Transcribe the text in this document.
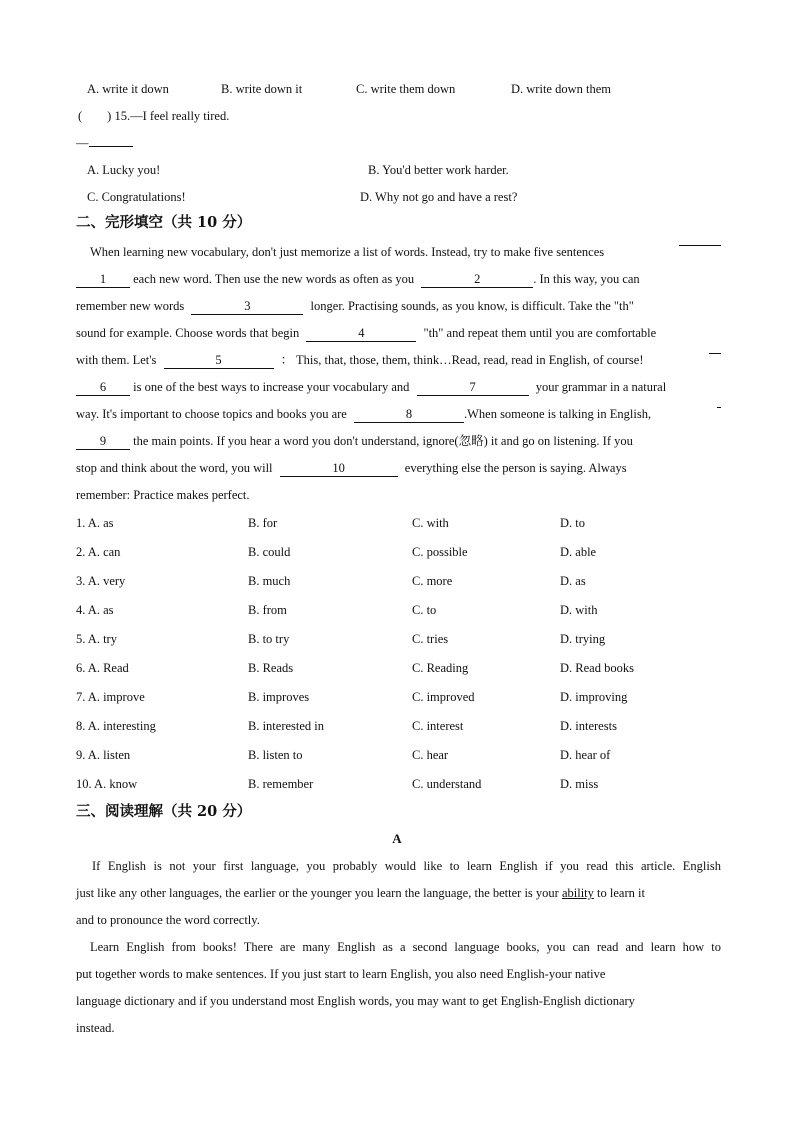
A. write it down	B. write down it	C. write them down	D. write down them
(　　) 15.—I feel really tired.
—
A. Lucky you!	B. You'd better work harder.
C. Congratulations!	D. Why not go and have a rest?
二、完形填空（共 10 分）
When learning new vocabulary, don't just memorize a list of words. Instead, try to make five sentences
1 each new word. Then use the new words as often as you	2	. In this way, you can
remember new words	3	longer. Practising sounds, as you know, is difficult. Take the "th"
sound for example. Choose words that begin	4	"th" and repeat them until you are comfortable
with them. Let's	5	： This, that, those, them, think…Read, read, read in English, of course!
6 is one of the best ways to increase your vocabulary and	7	your grammar in a natural
way. It's important to choose topics and books you are	8	.When someone is talking in English,
9 the main points. If you hear a word you don't understand, ignore(忽略) it and go on listening. If you
stop and think about the word, you will	10	everything else the person is saying. Always
remember: Practice makes perfect.
1. A. as	B. for	C. with	D. to
2. A. can	B. could	C. possible	D. able
3. A. very	B. much	C. more	D. as
4. A. as	B. from	C. to	D. with
5. A. try	B. to try	C. tries	D. trying
6. A. Read	B. Reads	C. Reading	D. Read books
7. A. improve	B. improves	C. improved	D. improving
8. A. interesting	B. interested in	C. interest	D. interests
9. A. listen	B. listen to	C. hear	D. hear of
10. A. know	B. remember	C. understand	D. miss
三、阅读理解（共 20 分）
A
If English is not your first language, you probably would like to learn English if you read this article. English
just like any other languages, the earlier or the younger you learn the language, the better is your ability to learn it
and to pronounce the word correctly.
Learn English from books! There are many English as a second language books, you can read and learn how to
put together words to make sentences. If you just start to learn English, you also need English-your native
language dictionary and if you understand most English words, you may want to get English-English dictionary
instead.
